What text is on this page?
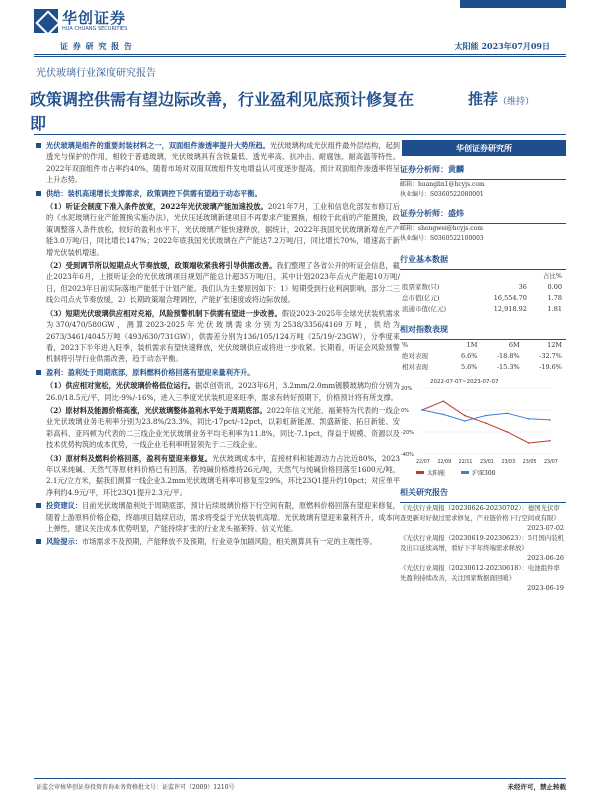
华创证券
HUA CHUANG SECURITIES
证 券 研 究 报 告	太阳能 2023年07月09日
光伏玻璃行业深度研究报告
政策调控供需有望边际改善，行业盈利见底预计修复在即
推荐（维持）
光伏玻璃是组件的重要封装材料之一，双面组件渗透率提升大势所趋。光伏玻璃构成光伏组件最外层结构，起到透光与保护的作用，相较于普通玻璃，光伏玻璃具有含铁量低、透光率高、抗冲击、耐腐蚀、耐高温等特性。2022年双面组件市占率约40%，随着市场对双面双玻组件发电增益认可度逐步提高，预计双面组件渗透率将呈上升态势。
供给：装机高速增长支撑需求，政策调控下供需有望趋于动态平衡。
（1）听证会制度下准入条件放宽，2022年光伏玻璃产能加速投放。2021年7月，工业和信息化部发布修订后的《水泥玻璃行业产能置换实施办法》，光伏压延玻璃新建项目不再要求产能置换，相较于此前的产能置换，政策调整落入条件放松，较好的盈利水平下，光伏玻璃产能快速释放，据统计，2022年我国光伏玻璃新增在产产能3.0万吨/日，同比增长147%；2022年底我国光伏玻璃在产产能达7.2万吨/日，同比增长70%，增速高于新增光伏装机增速。
（2）受到调节所以短期点火节奏放缓，政策端收紧我将引导供需改善。我们整理了各省公开的听证会信息，截止2023年6月，上报听证会的光伏玻璃项目规划产能总计超35万吨/日，其中计划2023年点火产能超10万吨/日，但2023年日前实际落地产能低于计划产能。我们认为主要原因如下：1）短期受到行业利润影响，部分二三线公司点火节奏放缓，2）长期政策端合理调控，产能扩张速度或将边际放缓。
（3）短期光伏玻璃供应相对充裕，风险预警机制下供需有望进一步改善。假设2023-2025年全球光伏装机需求为370/470/580GW，测算2023-2025年光伏玻璃需求分别为2538/3356/4169万吨，供给为2673/3461/4045万吨（493/630/731GW），供需差分别为136/105/124万吨（25/19/-23GW），分季度来看，2023下半年进入旺季，装机需求有望快速释放，光伏玻璃供应或将进一步收紧。长期看，听证会风险预警机制将引导行业供需改善，趋于动态平衡。
盈利：盈利处于周期底部，原料燃料价格回落有望迎来量利齐升。
（1）供应相对宽松，光伏玻璃价格低位运行。据卓创资讯，2023年6月，3.2mm/2.0mm镀膜玻璃均价分别为26.0/18.5元/平，同比-9%/-16%，进入三季度光伏装机迎来旺季，需求有转好预期下，价格预计将有所支撑。
（2）原材料及能源价格高涨，光伏玻璃整体盈利水平处于周期底部。2022年信义光能、福莱特为代表的一线企业光伏玻璃业务毛利率分别为23.8%/23.3%，同比-17pct/-12pct，以彩虹新能源、凯盛新能、拓日新能、安彩高科、亚玛顿为代表的二三线企业光伏玻璃业务平均毛利率为11.8%，同比-7.1pct，得益于规模、资源以及技术优势构筑的成本优势，一线企业毛利率明显领先于二三线企业。
（3）原材料及燃料价格回落，盈利有望迎来修复。光伏玻璃成本中，直接材料和能源动力占比近80%，2023年以来纯碱、天然气等原材料价格已有回落，若纯碱价格维持26元/吨，天然气与纯碱价格回落至1600元/吨，2.1元/立方米，据我们测算一线企业3.2mm光伏玻璃毛利率可修复至29%，环比23Q1提升约10pct；对应单平净利约4.9元/平，环比23Q1提升2.3元/平。
投资建议：目前光伏玻璃盈利处于周期底部，预计后续玻璃价格下行空间有限，原燃料价格回落有望迎来修复，随着上游原料价格企稳，终端项目陆续启动，需求将受益于光伏装机高增。光伏玻璃有望迎来量利齐升，成本向上弹性，建议关注成本优势明显，产能持续扩张的行业龙头福莱特、信义光能。
风险提示：市场需求不及预期，产能释放不及预期，行业竞争加剧风险，相关测算具有一定的主观性等。
华创证券研究所
证券分析师：黄麟
邮箱：huanglin1@hcyjs.com
执业编号：S0360522080001
证券分析师：盛炜
邮箱：shengwei@hcyjs.com
执业编号：S0360522100003
行业基本数据
		占比%
股票家数(只)	36	0.00
总市值(亿元)	16,554.70	1.78
流通市值(亿元)	12,918.92	1.81
相对指数表现
%	1M	6M	12M
绝对表现	6.6%	-18.8%	-32.7%
相对表现	5.6%	-15.3%	-19.6%
2022-07-07~2023-07-07
20%
0%
-20%
-40%
22/07 22/09 22/11 23/01 23/03 23/05 23/07
太阳能	沪深300
相关研究报告
《光伏行业周报（20230626-20230702）：德国光伏审查更新对好做过需求修复，产业链价格下行空间或有限》
2023-07-02
《光伏行业周报（20230619-20230623）：5月国内装机及出口延续高增，看好下半年终端需求释放》
2023-06-26
《光伏行业周报（20230612-20230618）：电池组件率先盈利持续改善，关注国家数据面回暖》
2023-06-19
证监会审核华创证券投资咨询业务资格批文号：证监许可（2009）1210号	未经许可，禁止转载
